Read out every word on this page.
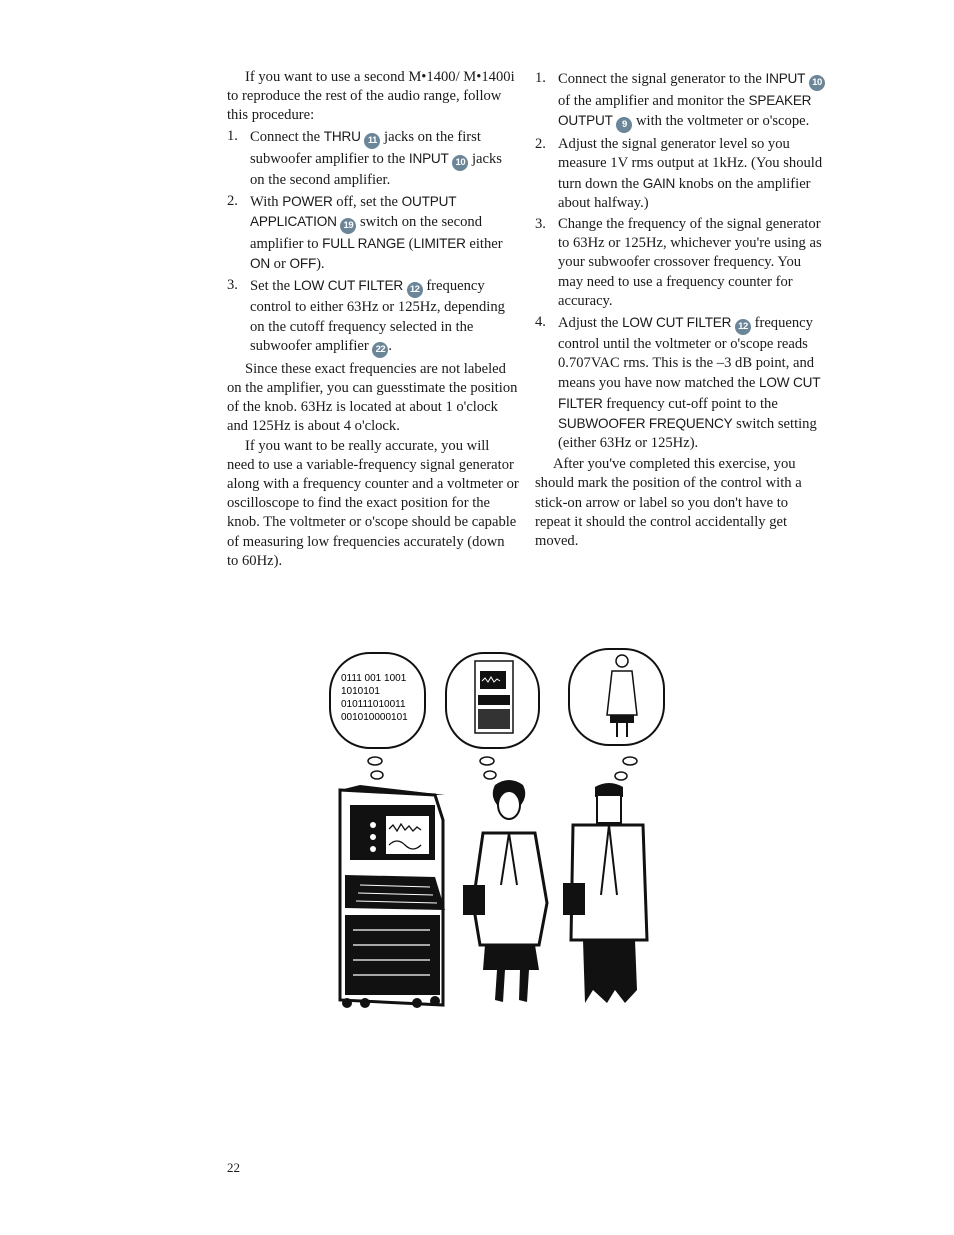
If you want to use a second M•1400/ M•1400i to reproduce the rest of the audio range, follow this procedure:

1. Connect the THRU 11 jacks on the first subwoofer amplifier to the INPUT 10 jacks on the second amplifier.
2. With POWER off, set the OUTPUT APPLICATION 19 switch on the second amplifier to FULL RANGE (LIMITER either ON or OFF).
3. Set the LOW CUT FILTER 12 frequency control to either 63Hz or 125Hz, depending on the cutoff frequency selected in the subwoofer amplifier 22 .

Since these exact frequencies are not labeled on the amplifier, you can guesstimate the position of the knob. 63Hz is located at about 1 o'clock and 125Hz is about 4 o'clock.

If you want to be really accurate, you will need to use a variable-frequency signal generator along with a frequency counter and a voltmeter or oscilloscope to find the exact position for the knob. The voltmeter or o'scope should be capable of measuring low frequencies accurately (down to 60Hz).

1. Connect the signal generator to the INPUT 10 of the amplifier and monitor the SPEAKER OUTPUT 9 with the voltmeter or o'scope.
2. Adjust the signal generator level so you measure 1V rms output at 1kHz. (You should turn down the GAIN knobs on the amplifier about halfway.)
3. Change the frequency of the signal generator to 63Hz or 125Hz, whichever you're using as your subwoofer crossover frequency. You may need to use a frequency counter for accuracy.
4. Adjust the LOW CUT FILTER 12 frequency control until the voltmeter or o'scope reads 0.707VAC rms. This is the –3 dB point, and means you have now matched the LOW CUT FILTER frequency cut-off point to the SUBWOOFER FREQUENCY switch setting (either 63Hz or 125Hz).

After you've completed this exercise, you should mark the position of the control with a stick-on arrow or label so you don't have to repeat it should the control accidentally get moved.

0111 001 1001
1010101
010111010011
001010000101
22
